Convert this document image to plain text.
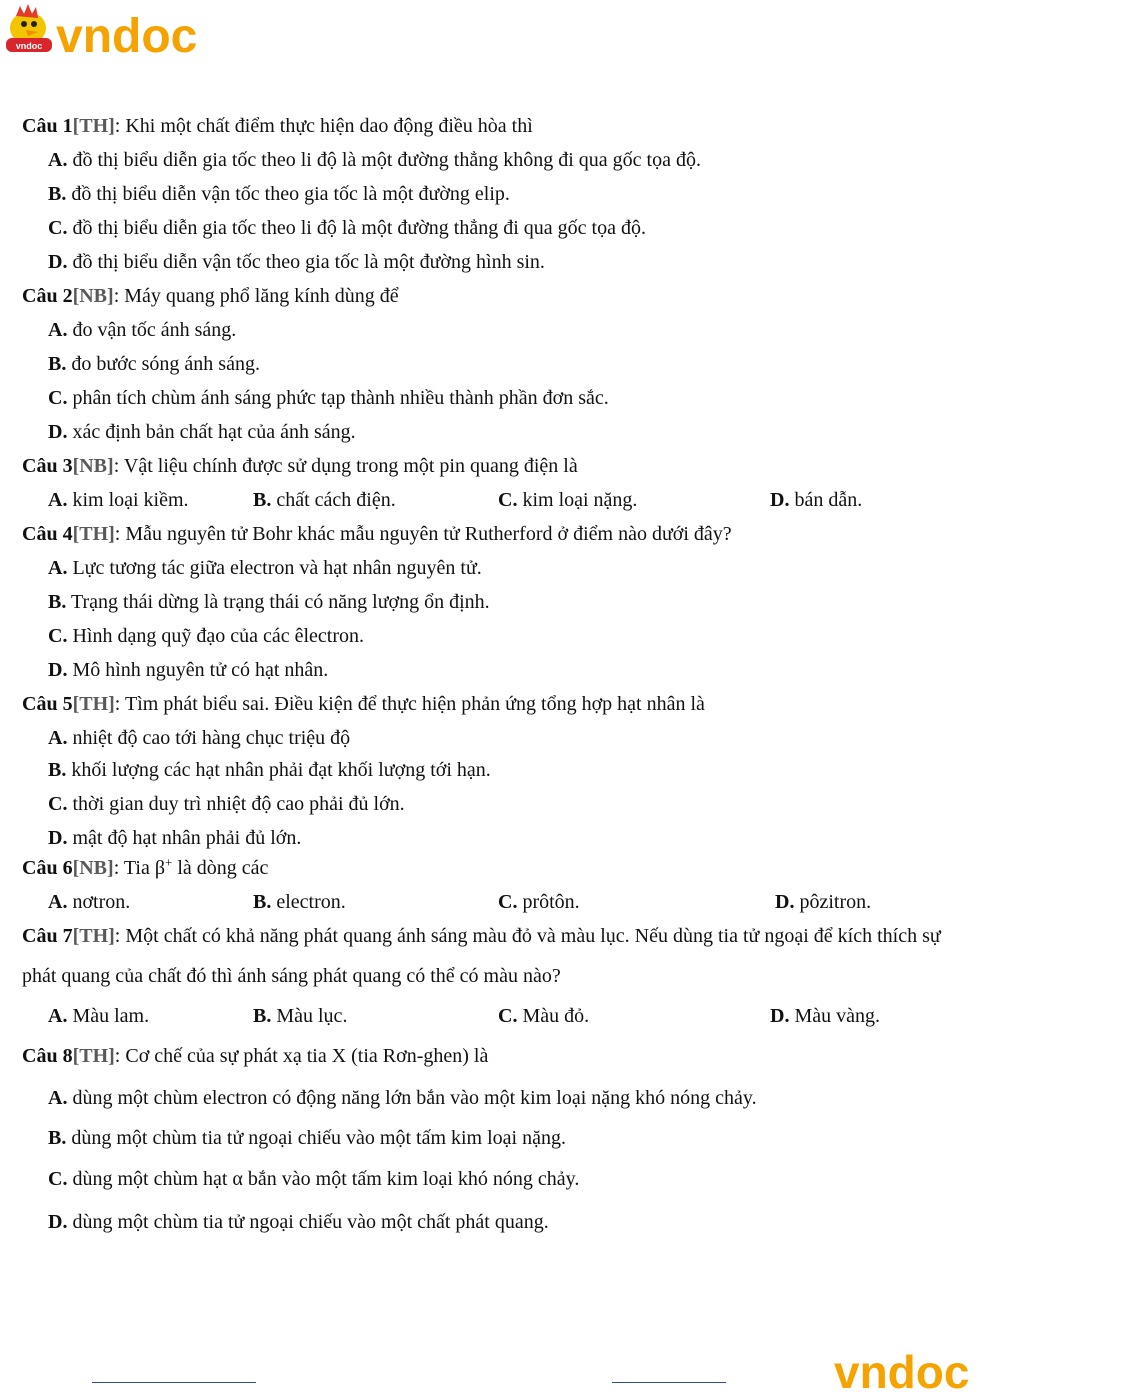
vndoc vndoc
Câu 1[TH]: Khi một chất điểm thực hiện dao động điều hòa thì
A. đồ thị biểu diễn gia tốc theo li độ là một đường thẳng không đi qua gốc tọa độ.
B. đồ thị biểu diễn vận tốc theo gia tốc là một đường elip.
C. đồ thị biểu diễn gia tốc theo li độ là một đường thẳng đi qua gốc tọa độ.
D. đồ thị biểu diễn vận tốc theo gia tốc là một đường hình sin.
Câu 2[NB]: Máy quang phổ lăng kính dùng để
A. đo vận tốc ánh sáng.
B. đo bước sóng ánh sáng.
C. phân tích chùm ánh sáng phức tạp thành nhiều thành phần đơn sắc.
D. xác định bản chất hạt của ánh sáng.
Câu 3[NB]: Vật liệu chính được sử dụng trong một pin quang điện là
A. kim loại kiềm.	B. chất cách điện.	C. kim loại nặng.	D. bán dẫn.
Câu 4[TH]: Mẫu nguyên tử Bohr khác mẫu nguyên tử Rutherford ở điểm nào dưới đây?
A. Lực tương tác giữa electron và hạt nhân nguyên tử.
B. Trạng thái dừng là trạng thái có năng lượng ổn định.
C. Hình dạng quỹ đạo của các êlectron.
D. Mô hình nguyên tử có hạt nhân.
Câu 5[TH]: Tìm phát biểu sai. Điều kiện để thực hiện phản ứng tổng hợp hạt nhân là
A. nhiệt độ cao tới hàng chục triệu độ
B. khối lượng các hạt nhân phải đạt khối lượng tới hạn.
C. thời gian duy trì nhiệt độ cao phải đủ lớn.
D. mật độ hạt nhân phải đủ lớn.
Câu 6[NB]: Tia β+ là dòng các
A. nơtron.	B. electron.	C. prôtôn.	D. pôzitron.
Câu 7[TH]: Một chất có khả năng phát quang ánh sáng màu đỏ và màu lục. Nếu dùng tia tử ngoại để kích thích sự
phát quang của chất đó thì ánh sáng phát quang có thể có màu nào?
A. Màu lam.	B. Màu lục.	C. Màu đỏ.	D. Màu vàng.
Câu 8[TH]: Cơ chế của sự phát xạ tia X (tia Rơn-ghen) là
A. dùng một chùm electron có động năng lớn bắn vào một kim loại nặng khó nóng chảy.
B. dùng một chùm tia tử ngoại chiếu vào một tấm kim loại nặng.
C. dùng một chùm hạt α bắn vào một tấm kim loại khó nóng chảy.
D. dùng một chùm tia tử ngoại chiếu vào một chất phát quang.
vndoc
